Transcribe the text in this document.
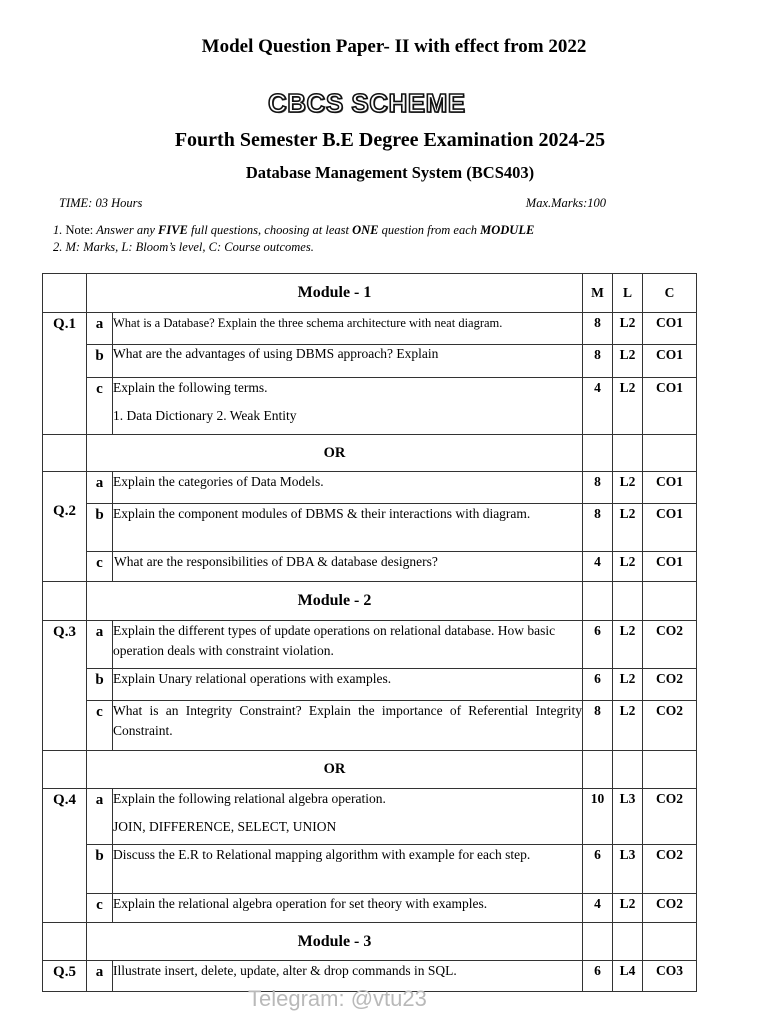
Model Question Paper- II with effect from 2022
CBCS SCHEME
Fourth Semester B.E Degree Examination 2024-25
Database Management System (BCS403)
TIME: 03 Hours	Max.Marks:100
1. Note: Answer any FIVE full questions, choosing at least ONE question from each MODULE
2. M: Marks, L: Bloom’s level, C: Course outcomes.
	Module - 1		M	L	C

Q.1	a	What is a Database? Explain the three schema architecture with neat diagram.	8	L2	CO1

	b	What are the advantages of using DBMS approach? Explain	8	L2	CO1

	c	Explain the following terms.
1. Data Dictionary 2. Weak Entity	4	L2	CO1

	OR				

Q.2	a	Explain the categories of Data Models.	8	L2	CO1

	b	Explain the component modules of DBMS & their interactions with diagram.	8	L2	CO1

	c	What are the responsibilities of DBA & database designers?	4	L2	CO1

	Module - 2				

Q.3	a	Explain the different types of update operations on relational database. How basic operation deals with constraint violation.	6	L2	CO2

	b	Explain Unary relational operations with examples.	6	L2	CO2

	c	What is an Integrity Constraint? Explain the importance of Referential Integrity Constraint.	8	L2	CO2

	OR				

Q.4	a	Explain the following relational algebra operation.
JOIN, DIFFERENCE, SELECT, UNION	10	L3	CO2

	b	Discuss the E.R to Relational mapping algorithm with example for each step.	6	L3	CO2

	c	Explain the relational algebra operation for set theory with examples.	4	L2	CO2

	Module - 3				

Q.5	a	Illustrate insert, delete, update, alter & drop commands in SQL.	6	L4	CO3
Telegram: @vtu23
